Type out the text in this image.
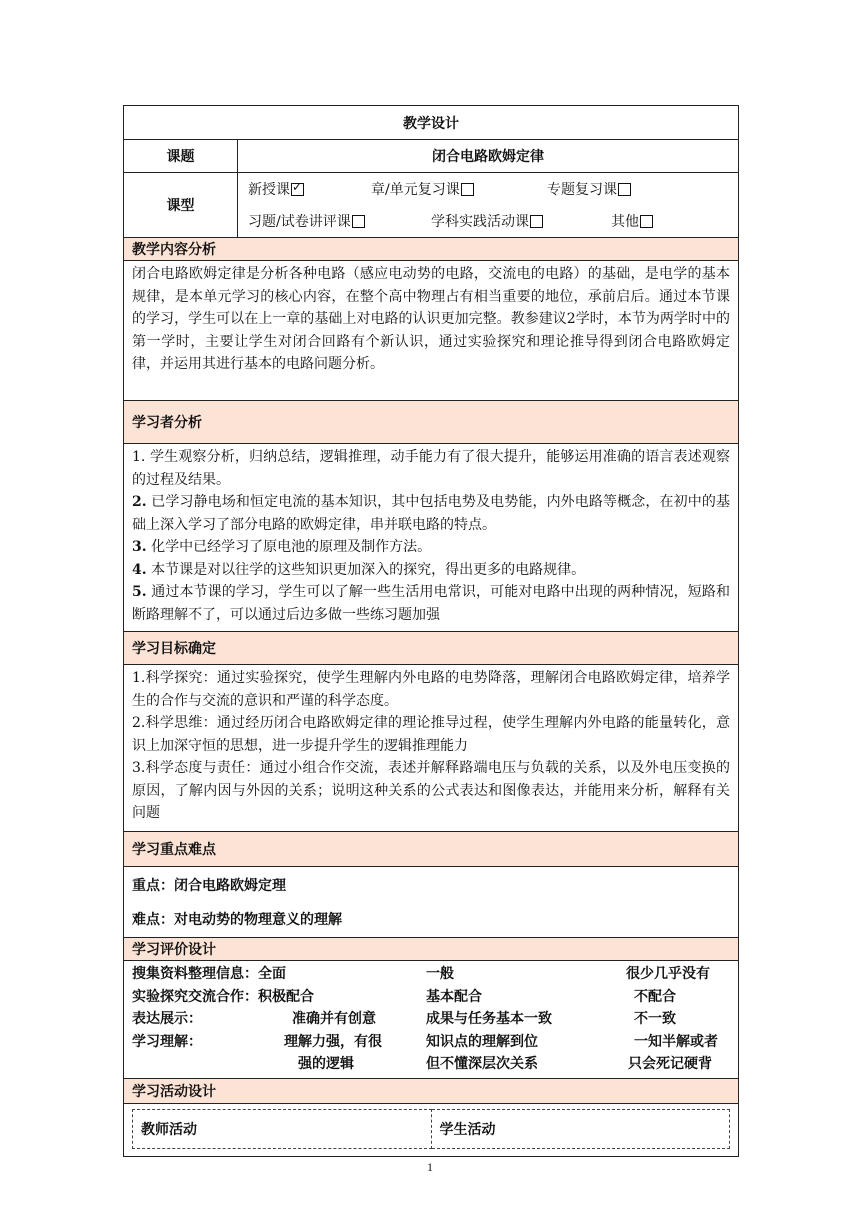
教学设计
课题	闭合电路欧姆定律
课型	
新授课
✓	章/单元复习课	专题复习课
习题/试卷讲评课	学科实践活动课	其他

教学内容分析

闭合电路欧姆定律是分析各种电路（感应电动势的电路，交流电的电路）的基础，是电学的基本规律，是本单元学习的核心内容，在整个高中物理占有相当重要的地位，承前启后。通过本节课的学习，学生可以在上一章的基础上对电路的认识更加完整。教参建议2学时，本节为两学时中的第一学时，主要让学生对闭合回路有个新认识，通过实验探究和理论推导得到闭合电路欧姆定律，并运用其进行基本的电路问题分析。

学习者分析

1. 学生观察分析，归纳总结，逻辑推理，动手能力有了很大提升，能够运用准确的语言表述观察的过程及结果。

2. 已学习静电场和恒定电流的基本知识，其中包括电势及电势能，内外电路等概念，在初中的基础上深入学习了部分电路的欧姆定律，串并联电路的特点。

3. 化学中已经学习了原电池的原理及制作方法。

4. 本节课是对以往学的这些知识更加深入的探究，得出更多的电路规律。

5. 通过本节课的学习，学生可以了解一些生活用电常识，可能对电路中出现的两种情况，短路和断路理解不了，可以通过后边多做一些练习题加强

学习目标确定

1.科学探究：通过实验探究，使学生理解内外电路的电势降落，理解闭合电路欧姆定律，培养学生的合作与交流的意识和严谨的科学态度。

2.科学思维：通过经历闭合电路欧姆定律的理论推导过程，使学生理解内外电路的能量转化，意识上加深守恒的思想，进一步提升学生的逻辑推理能力

3.科学态度与责任：通过小组合作交流，表述并解释路端电压与负载的关系，以及外电压变换的原因，了解内因与外因的关系；说明这种关系的公式表达和图像表达，并能用来分析，解释有关问题

学习重点难点

重点：闭合电路欧姆定理
难点：对电动势的物理意义的理解

学习评价设计

搜集资料整理信息：全面	一般	很少几乎没有
实验探究交流合作：积极配合	基本配合	不配合
表达展示：	准确并有创意	成果与任务基本一致	不一致
学习理解：	理解力强，有很	知识点的理解到位	一知半解或者
强的逻辑	但不懂深层次关系	只会死记硬背

学习活动设计

教师活动	学生活动
1
